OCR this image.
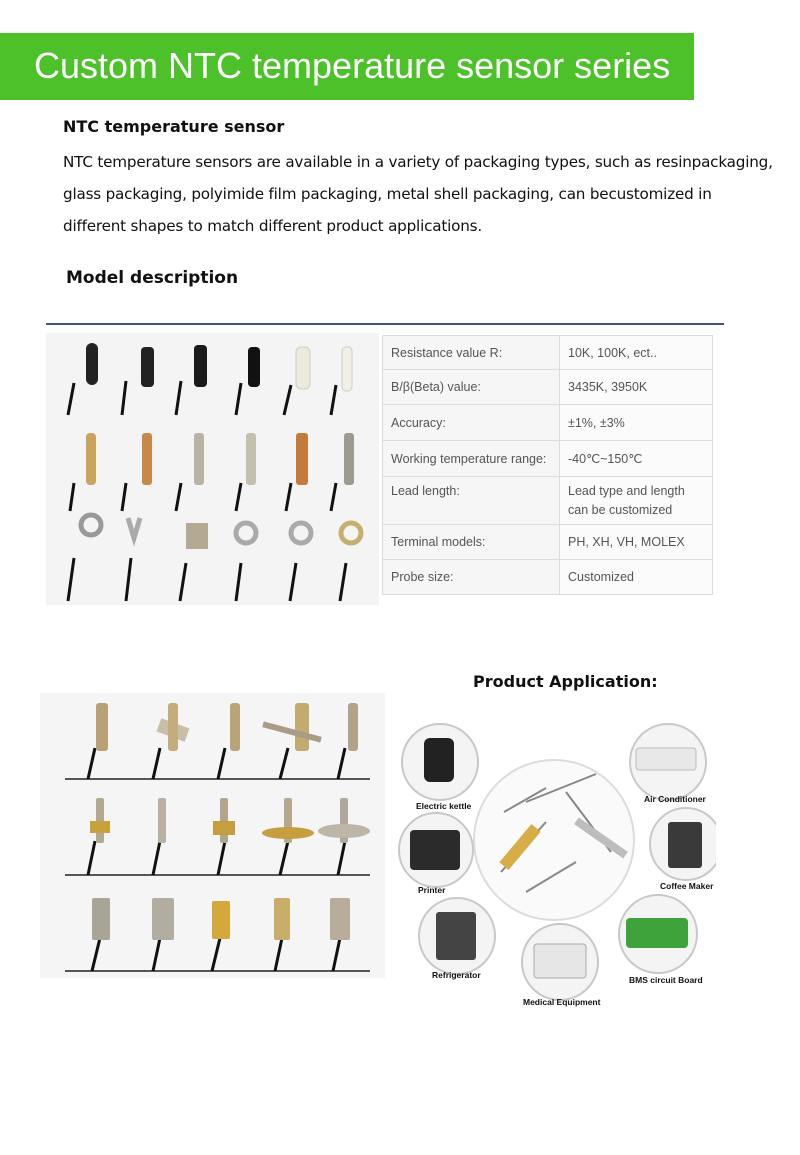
Custom NTC temperature sensor series
NTC temperature sensor
NTC temperature sensors are available in a variety of packaging types, such as resinpackaging,
glass packaging, polyimide film packaging, metal shell packaging, can becustomized in
different shapes to match different product applications.
Model description
Resistance value R:	10K, 100K, ect..
B/β(Beta) value:	3435K, 3950K
Accuracy:	±1%, ±3%
Working temperature range:	-40℃~150℃
Lead length:	Lead type and length can be customized
Terminal models:	PH, XH, VH, MOLEX
Probe size:	Customized
Product Application:
Electric kettle
Air Conditioner
Printer	Coffee Maker
Refrigerator	BMS circuit Board
Medical Equipment
